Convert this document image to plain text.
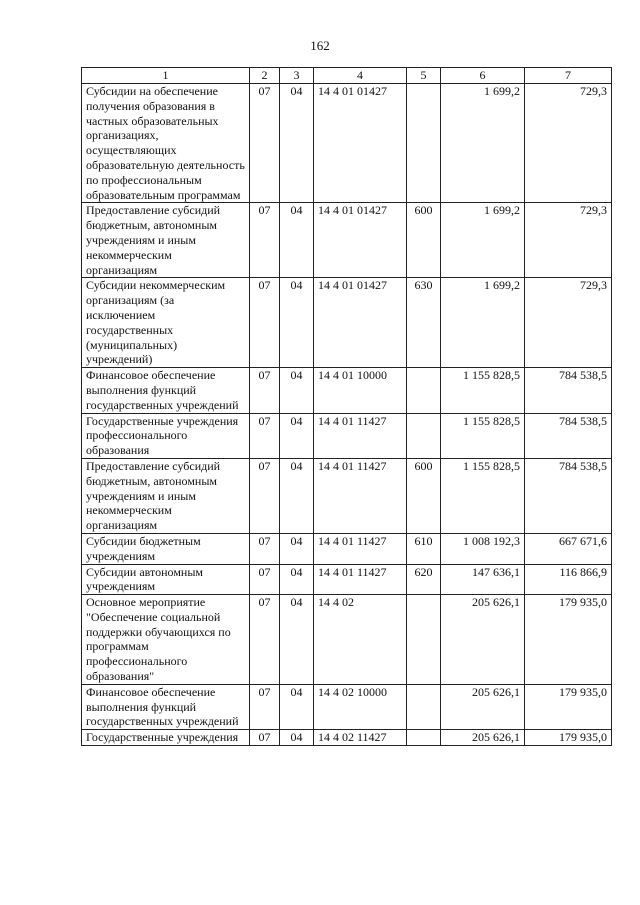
162
1	2	3	4	5	6	7
Субсидии на обеспечение получения образования в частных образовательных организациях, осуществляющих образовательную деятельность по профессиональным образовательным программам	07	04	14 4 01 01427		1 699,2	729,3
Предоставление субсидий бюджетным, автономным учреждениям и иным некоммерческим организациям	07	04	14 4 01 01427	600	1 699,2	729,3
Субсидии некоммерческим организациям (за исключением государственных (муниципальных) учреждений)	07	04	14 4 01 01427	630	1 699,2	729,3
Финансовое обеспечение выполнения функций государственных учреждений	07	04	14 4 01 10000		1 155 828,5	784 538,5
Государственные учреждения профессионального образования	07	04	14 4 01 11427		1 155 828,5	784 538,5
Предоставление субсидий бюджетным, автономным учреждениям и иным некоммерческим организациям	07	04	14 4 01 11427	600	1 155 828,5	784 538,5
Субсидии бюджетным учреждениям	07	04	14 4 01 11427	610	1 008 192,3	667 671,6
Субсидии автономным учреждениям	07	04	14 4 01 11427	620	147 636,1	116 866,9
Основное мероприятие "Обеспечение социальной поддержки обучающихся по программам профессионального образования"	07	04	14 4 02		205 626,1	179 935,0
Финансовое обеспечение выполнения функций государственных учреждений	07	04	14 4 02 10000		205 626,1	179 935,0
Государственные учреждения	07	04	14 4 02 11427		205 626,1	179 935,0
